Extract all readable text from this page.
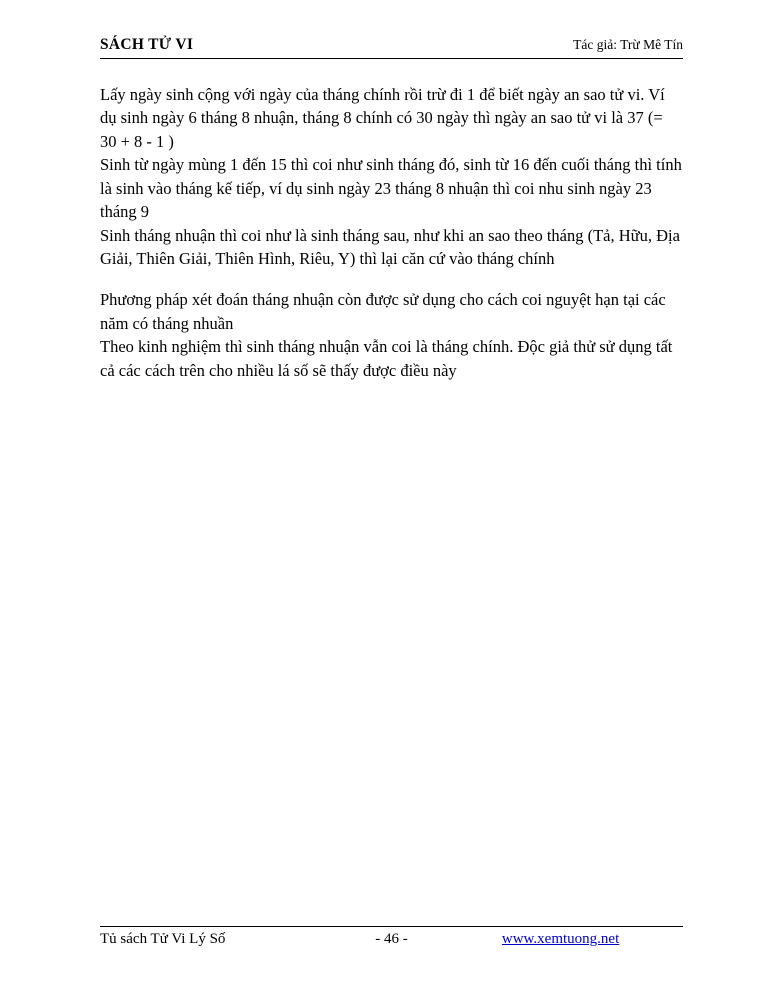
SÁCH TỬ VI	Tác giả: Trừ Mê Tín

Lấy ngày sinh cộng với ngày của tháng chính rồi trừ đi 1 để biết ngày an sao tử vi. Ví dụ sinh ngày 6 tháng 8 nhuận, tháng 8 chính có 30 ngày thì ngày an sao tử vi là 37 (= 30 + 8 - 1 )

Sinh từ ngày mùng 1 đến 15 thì coi như sinh tháng đó, sinh từ 16 đến cuối tháng thì tính là sinh vào tháng kế tiếp, ví dụ sinh ngày 23 tháng 8 nhuận thì coi nhu sinh ngày 23 tháng 9

Sinh tháng nhuận thì coi như là sinh tháng sau, như khi an sao theo tháng (Tả, Hữu, Địa Giải, Thiên Giải, Thiên Hình, Riêu, Y) thì lại căn cứ vào tháng chính

Phương pháp xét đoán tháng nhuận còn được sử dụng cho cách coi nguyệt hạn tại các năm có tháng nhuần

Theo kinh nghiệm thì sinh tháng nhuận vẫn coi là tháng chính. Độc giả thử sử dụng tất cả các cách trên cho nhiều lá số sẽ thấy được điều này

Tủ sách Tử Vi Lý Số	- 46 -	www.xemtuong.net
